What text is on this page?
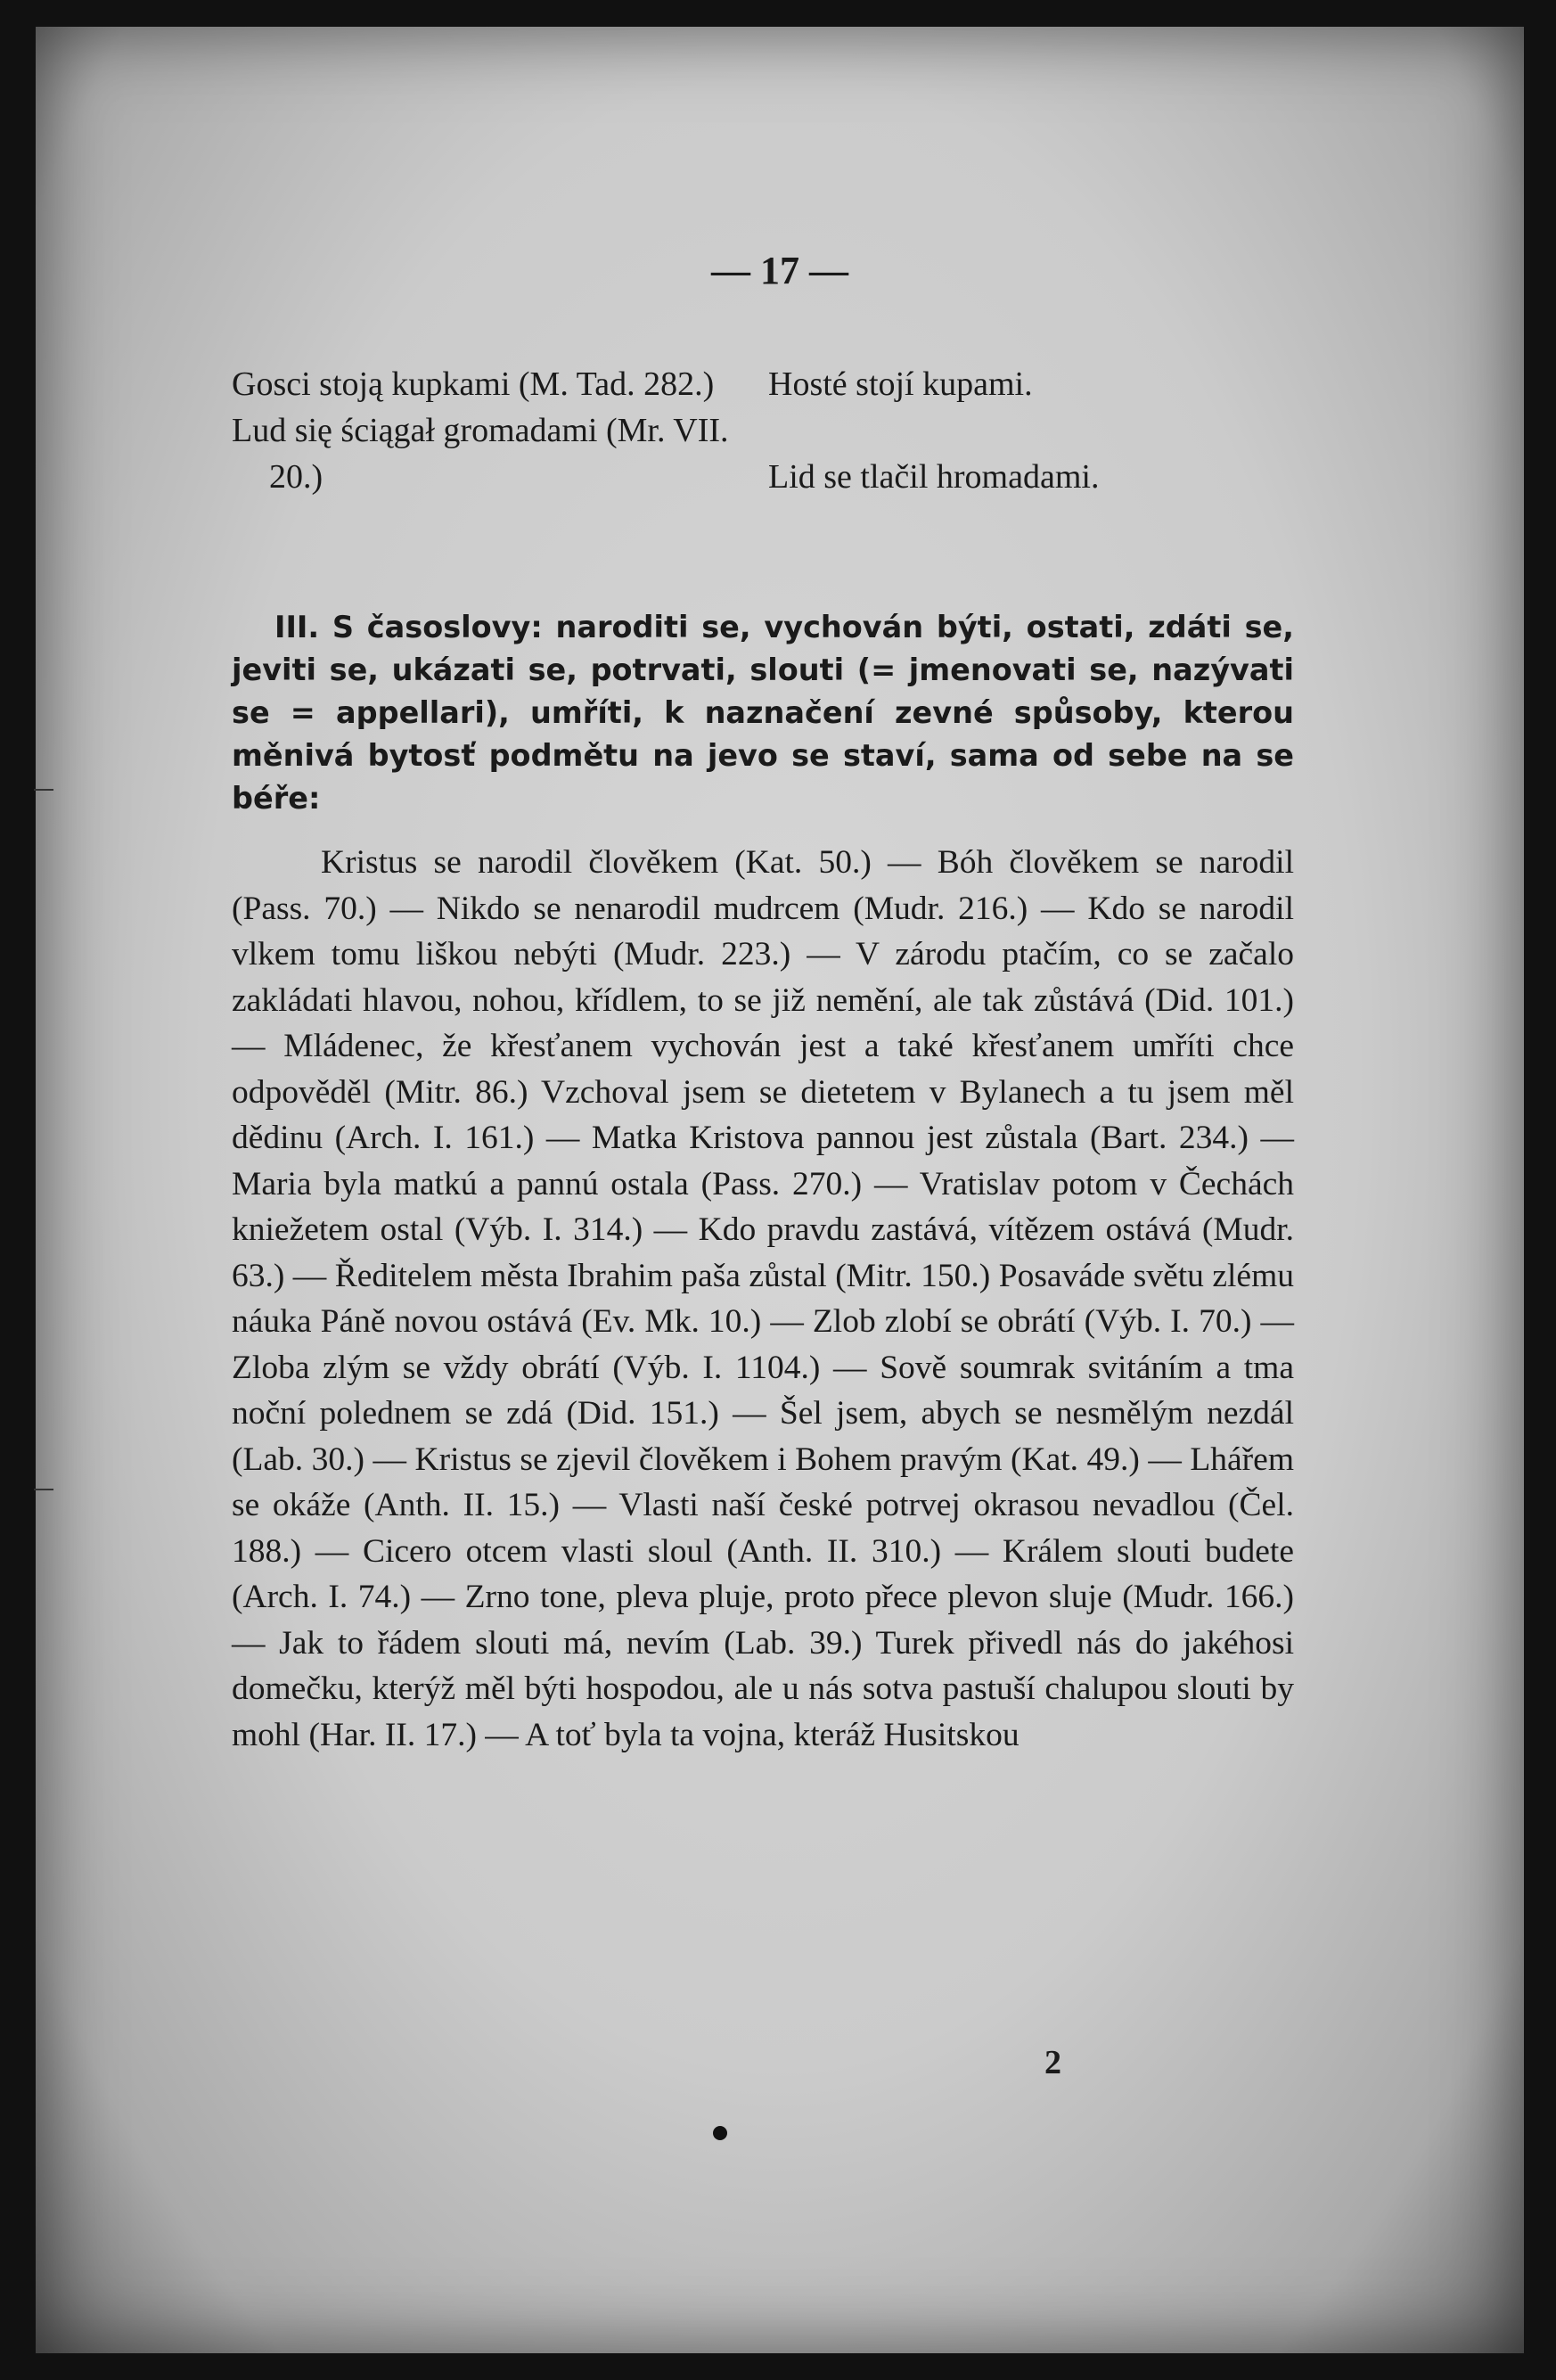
— 17 —

Gosci stoją kupkami (M. Tad. 282.)

Lud się ściągał gromadami (Mr. VII. 20.)

Hosté stojí kupami.

Lid se tlačil hromadami.

III. S časoslovy: naroditi se, vychován býti, ostati, zdáti se, jeviti se, ukázati se, potrvati, slouti (= jmenovati se, nazývati se = appellari), umříti, k naznačení zevné spůsoby, kterou měnivá bytosť podmětu na jevo se staví, sama od sebe na se béře:

Kristus se narodil člověkem (Kat. 50.) — Bóh člověkem se narodil (Pass. 70.) — Nikdo se nenarodil mudrcem (Mudr. 216.) — Kdo se narodil vlkem tomu liškou nebýti (Mudr. 223.) — V zárodu ptačím, co se začalo zakládati hlavou, nohou, křídlem, to se již nemění, ale tak zůstává (Did. 101.) — Mládenec, že křesťanem vychován jest a také křesťanem umříti chce odpověděl (Mitr. 86.) Vzchoval jsem se dietetem v Bylanech a tu jsem měl dědinu (Arch. I. 161.) — Matka Kristova pannou jest zůstala (Bart. 234.) — Maria byla matkú a pannú ostala (Pass. 270.) — Vratislav potom v Čechách kniežetem ostal (Výb. I. 314.) — Kdo pravdu zastává, vítězem ostává (Mudr. 63.) — Ředitelem města Ibrahim paša zůstal (Mitr. 150.) Posaváde světu zlému náuka Páně novou ostává (Ev. Mk. 10.) — Zlob zlobí se obrátí (Výb. I. 70.) — Zloba zlým se vždy obrátí (Výb. I. 1104.) — Sově soumrak svitáním a tma noční polednem se zdá (Did. 151.) — Šel jsem, abych se nesmělým nezdál (Lab. 30.) — Kristus se zjevil člověkem i Bohem pravým (Kat. 49.) — Lhářem se okáže (Anth. II. 15.) — Vlasti naší české potrvej okrasou nevadlou (Čel. 188.) — Cicero otcem vlasti sloul (Anth. II. 310.) — Králem slouti budete (Arch. I. 74.) — Zrno tone, pleva pluje, proto přece plevon sluje (Mudr. 166.) — Jak to řádem slouti má, nevím (Lab. 39.) Turek přivedl nás do jakéhosi domečku, kterýž měl býti hospodou, ale u nás sotva pastuší chalupou slouti by mohl (Har. II. 17.) — A toť byla ta vojna, kteráž Husitskou

2
